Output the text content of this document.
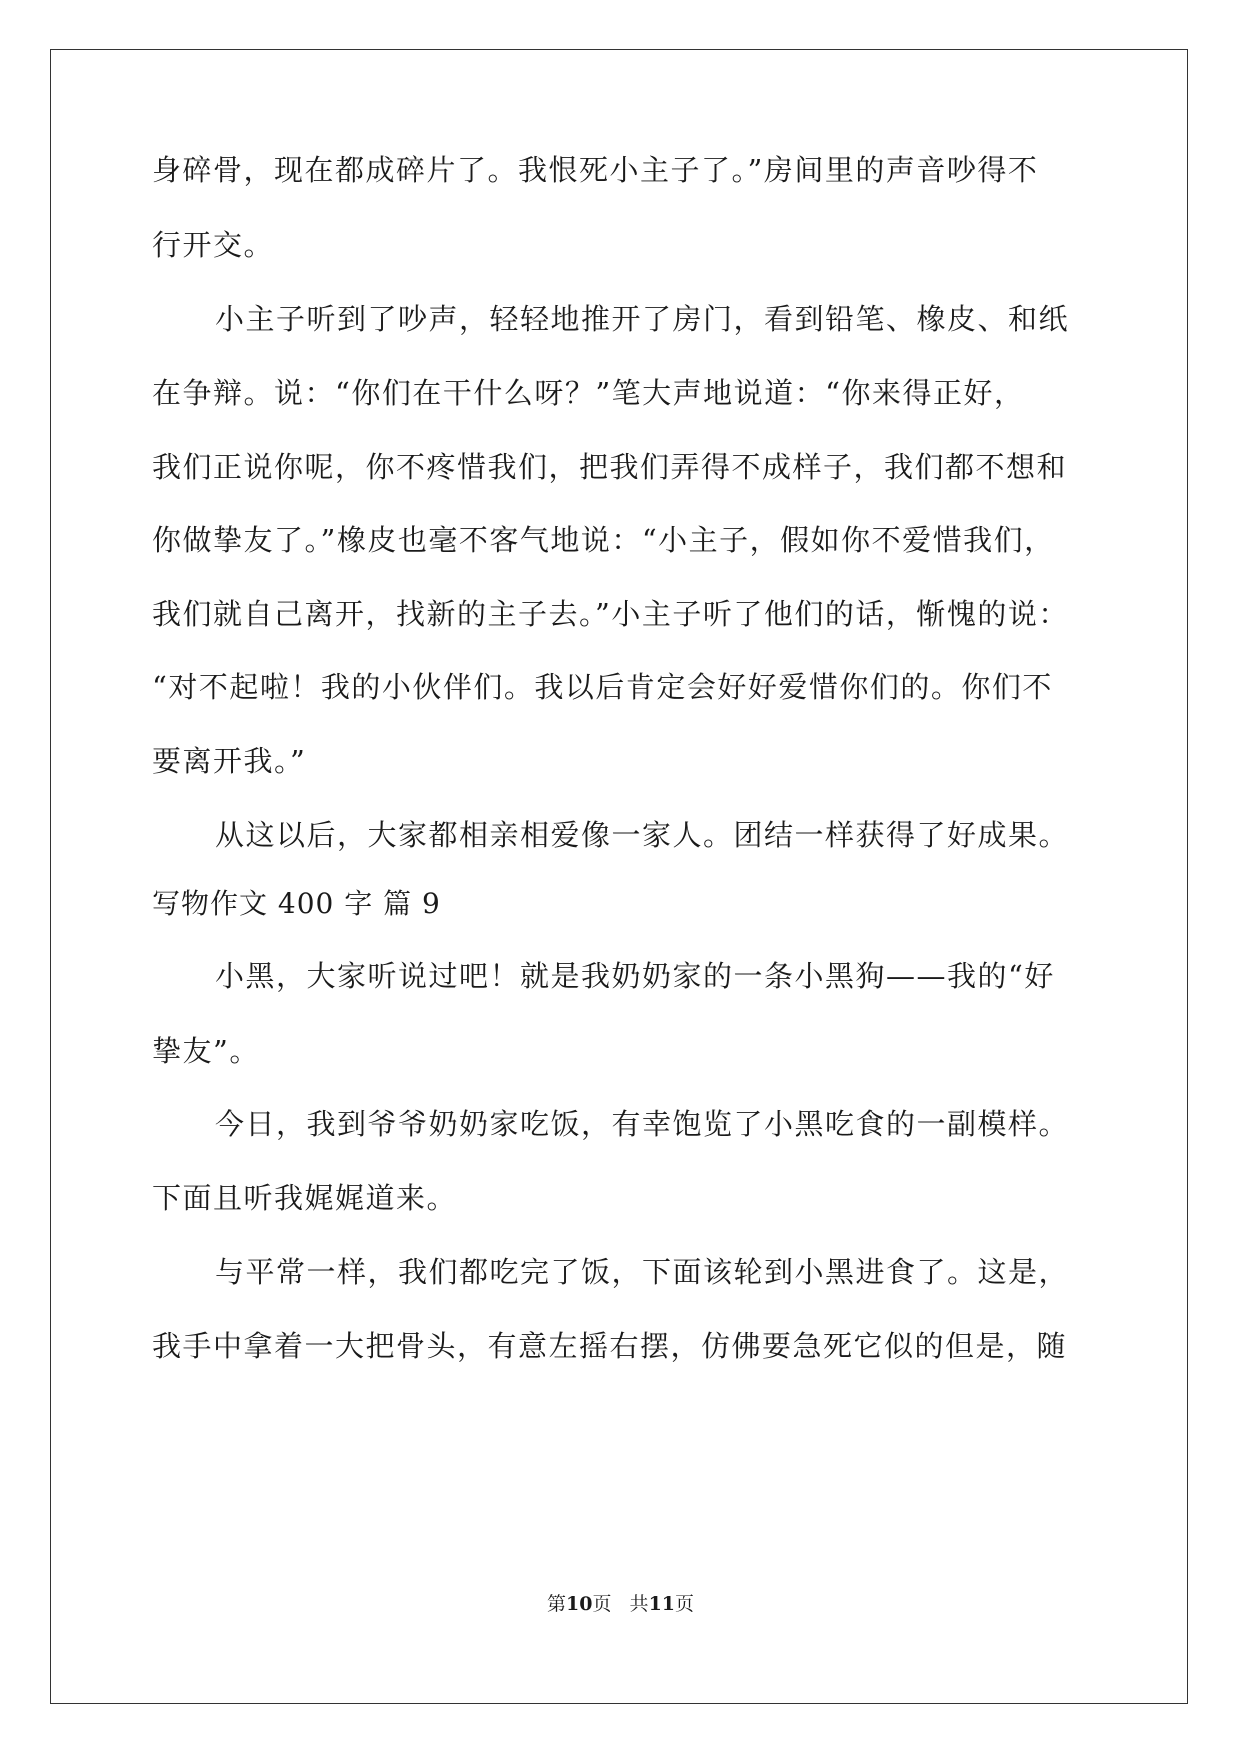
身碎骨，现在都成碎片了。我恨死小主子了。”房间里的声音吵得不
行开交。
小主子听到了吵声，轻轻地推开了房门，看到铅笔、橡皮、和纸
在争辩。说：“你们在干什么呀？”笔大声地说道：“你来得正好，
我们正说你呢，你不疼惜我们，把我们弄得不成样子，我们都不想和
你做挚友了。”橡皮也毫不客气地说：“小主子，假如你不爱惜我们，
我们就自己离开，找新的主子去。”小主子听了他们的话，惭愧的说：
“对不起啦！我的小伙伴们。我以后肯定会好好爱惜你们的。你们不
要离开我。”
从这以后，大家都相亲相爱像一家人。团结一样获得了好成果。
写物作文 400 字 篇 9
小黑，大家听说过吧！就是我奶奶家的一条小黑狗——我的“好
挚友”。
今日，我到爷爷奶奶家吃饭，有幸饱览了小黑吃食的一副模样。
下面且听我娓娓道来。
与平常一样，我们都吃完了饭，下面该轮到小黑进食了。这是，
我手中拿着一大把骨头，有意左摇右摆，仿佛要急死它似的但是，随
第10页   共11页
